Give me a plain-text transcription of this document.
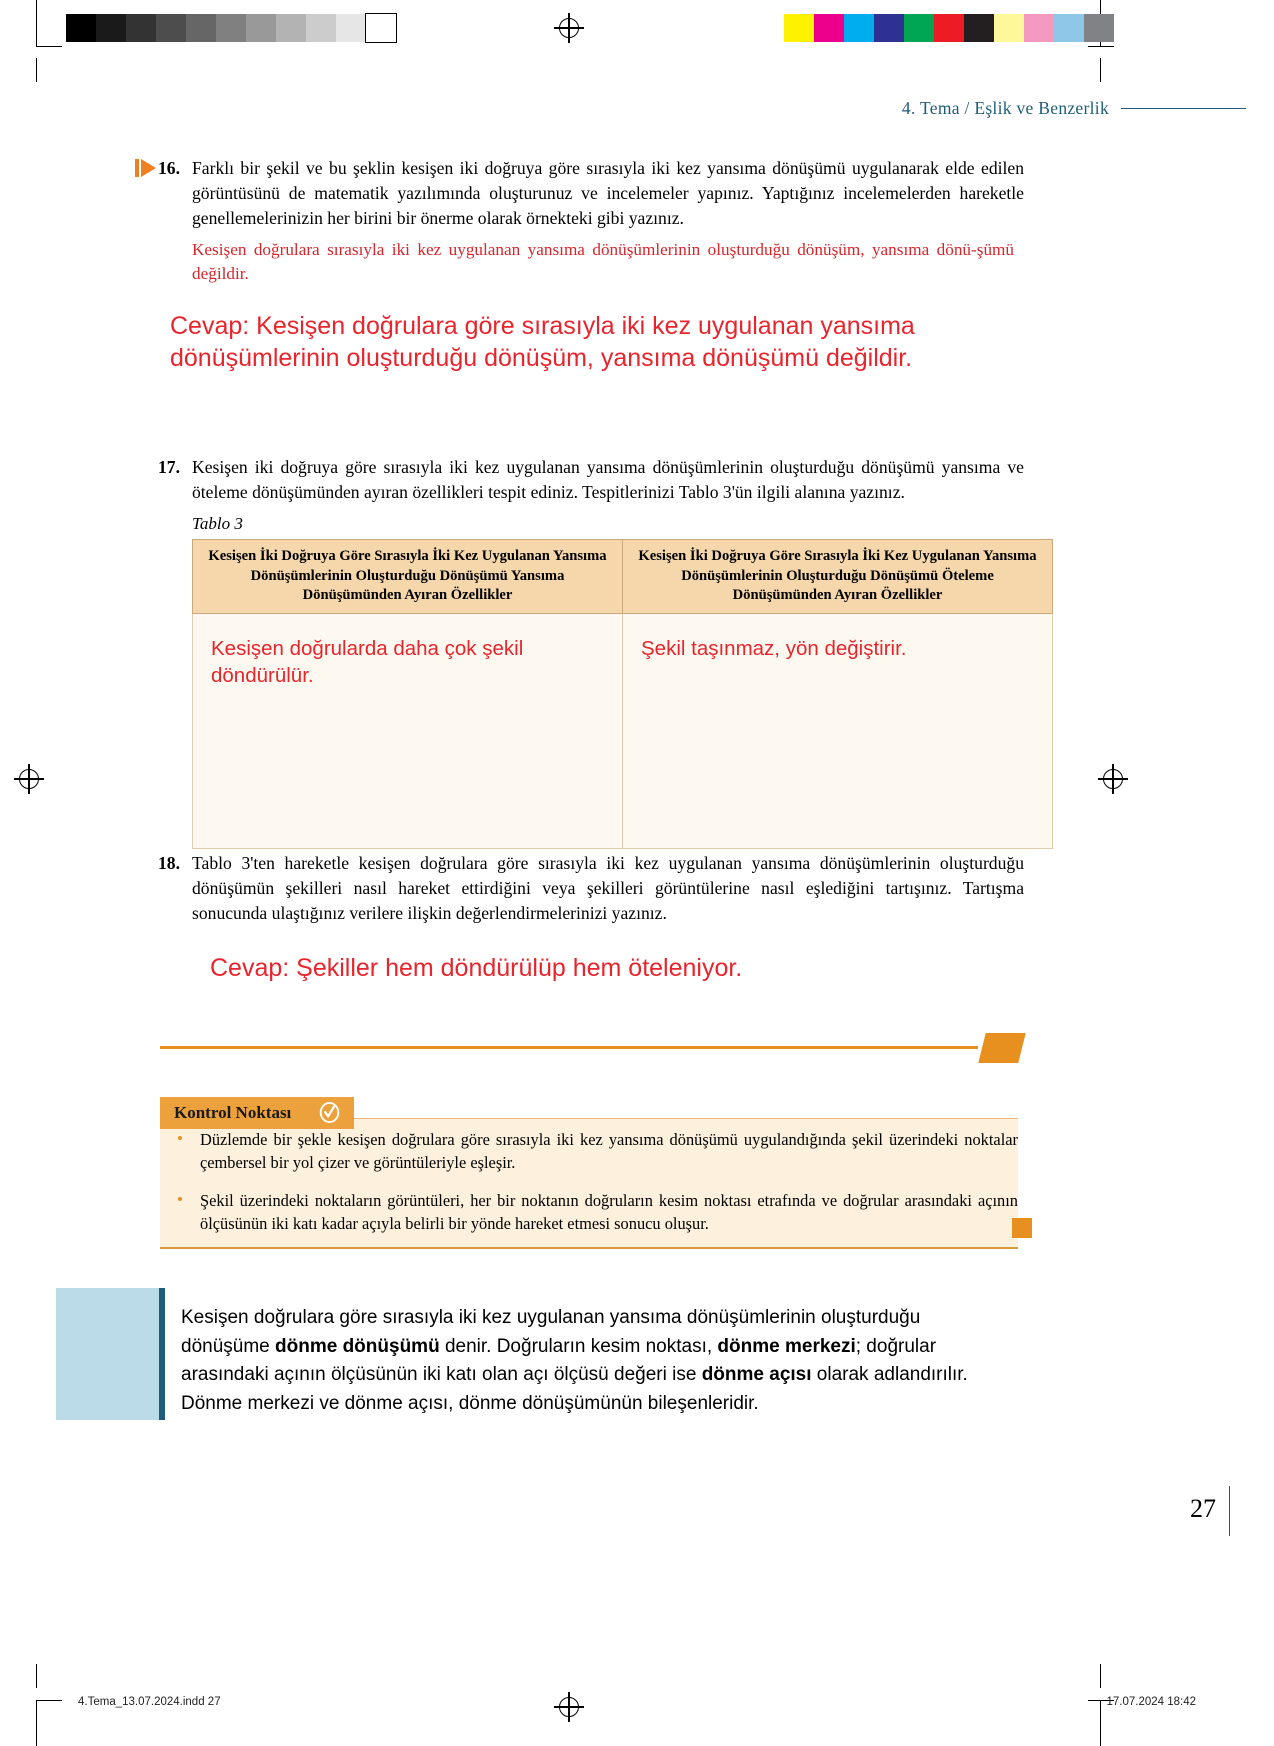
4. Tema / Eşlik ve Benzerlik
16. Farklı bir şekil ve bu şeklin kesişen iki doğruya göre sırasıyla iki kez yansıma dönüşümü uygulanarak elde edilen görüntüsünü de matematik yazılımında oluşturunuz ve incelemeler yapınız. Yaptığınız incelemelerden hareketle genellemelerinizin her birini bir önerme olarak örnekteki gibi yazınız.
Kesişen doğrulara sırasıyla iki kez uygulanan yansıma dönüşümlerinin oluşturduğu dönüşüm, yansıma dönü-şümü değildir.
Cevap: Kesişen doğrulara göre sırasıyla iki kez uygulanan yansıma dönüşümlerinin oluşturduğu dönüşüm, yansıma dönüşümü değildir.
17. Kesişen iki doğruya göre sırasıyla iki kez uygulanan yansıma dönüşümlerinin oluşturduğu dönüşümü yansıma ve öteleme dönüşümünden ayıran özellikleri tespit ediniz. Tespitlerinizi Tablo 3'ün ilgili alanına yazınız.
Tablo 3
Kesişen İki Doğruya Göre Sırasıyla İki Kez Uygulanan Yansıma Dönüşümlerinin Oluşturduğu Dönüşümü Yansıma Dönüşümünden Ayıran Özellikler	Kesişen İki Doğruya Göre Sırasıyla İki Kez Uygulanan Yansıma Dönüşümlerinin Oluşturduğu Dönüşümü Öteleme Dönüşümünden Ayıran Özellikler
Kesişen doğrularda daha çok şekil döndürülür.	Şekil taşınmaz, yön değiştirir.
18. Tablo 3'ten hareketle kesişen doğrulara göre sırasıyla iki kez uygulanan yansıma dönüşümlerinin oluşturduğu dönüşümün şekilleri nasıl hareket ettirdiğini veya şekilleri görüntülerine nasıl eşlediğini tartışınız. Tartışma sonucunda ulaştığınız verilere ilişkin değerlendirmelerinizi yazınız.
Cevap: Şekiller hem döndürülüp hem öteleniyor.
Kontrol Noktası
Düzlemde bir şekle kesişen doğrulara göre sırasıyla iki kez yansıma dönüşümü uygulandığında şekil üzerindeki noktalar çembersel bir yol çizer ve görüntüleriyle eşleşir.
Şekil üzerindeki noktaların görüntüleri, her bir noktanın doğruların kesim noktası etrafında ve doğrular arasındaki açının ölçüsünün iki katı kadar açıyla belirli bir yönde hareket etmesi sonucu oluşur.
Kesişen doğrulara göre sırasıyla iki kez uygulanan yansıma dönüşümlerinin oluşturduğu dönüşüme dönme dönüşümü denir. Doğruların kesim noktası, dönme merkezi; doğrular arasındaki açının ölçüsünün iki katı olan açı ölçüsü değeri ise dönme açısı olarak adlandırılır. Dönme merkezi ve dönme açısı, dönme dönüşümünün bileşenleridir.
27
4.Tema_13.07.2024.indd 27	17.07.2024 18:42
